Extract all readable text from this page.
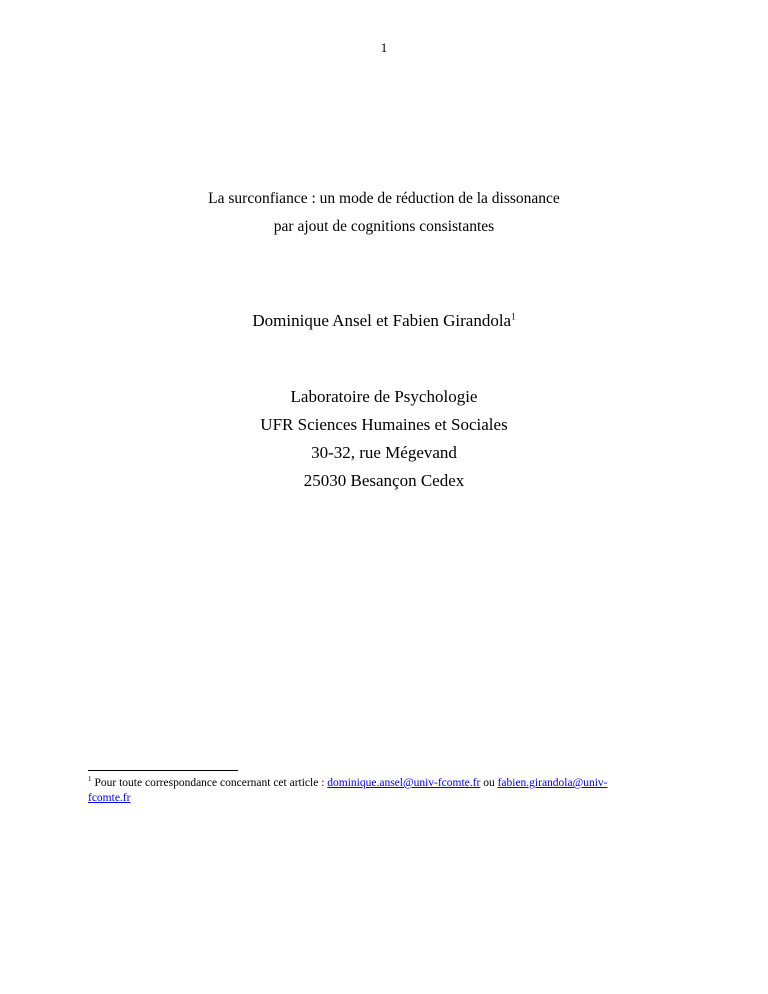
1
La surconfiance : un mode de réduction de la dissonance
par ajout de cognitions consistantes
Dominique Ansel et Fabien Girandola$^1$
Laboratoire de Psychologie
UFR Sciences Humaines et Sociales
30-32, rue Mégevand
25030 Besançon Cedex
$^1$ Pour toute correspondance concernant cet article : dominique.ansel@univ-fcomte.fr ou fabien.girandola@univ-
fcomte.fr
